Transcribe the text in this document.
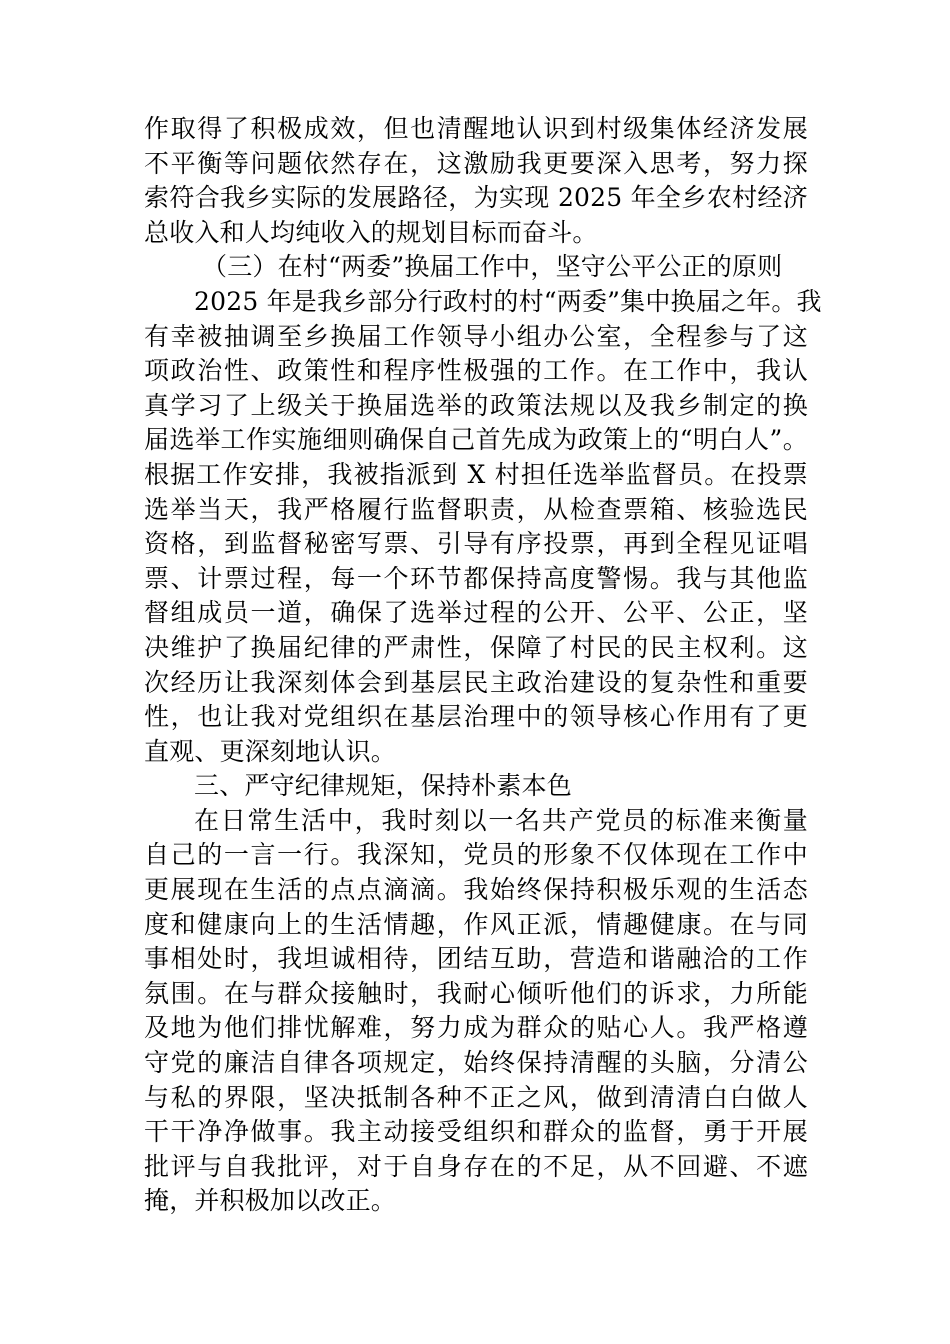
作取得了积极成效，但也清醒地认识到村级集体经济发展
不平衡等问题依然存在，这激励我更要深入思考，努力探
索符合我乡实际的发展路径，为实现 2025 年全乡农村经济
总收入和人均纯收入的规划目标而奋斗。
（三）在村“两委”换届工作中，坚守公平公正的原则
2025 年是我乡部分行政村的村“两委”集中换届之年。我
有幸被抽调至乡换届工作领导小组办公室，全程参与了这
项政治性、政策性和程序性极强的工作。在工作中，我认
真学习了上级关于换届选举的政策法规以及我乡制定的换
届选举工作实施细则确保自己首先成为政策上的“明白人”。
根据工作安排，我被指派到 X 村担任选举监督员。在投票
选举当天，我严格履行监督职责，从检查票箱、核验选民
资格，到监督秘密写票、引导有序投票，再到全程见证唱
票、计票过程，每一个环节都保持高度警惕。我与其他监
督组成员一道，确保了选举过程的公开、公平、公正，坚
决维护了换届纪律的严肃性，保障了村民的民主权利。这
次经历让我深刻体会到基层民主政治建设的复杂性和重要
性，也让我对党组织在基层治理中的领导核心作用有了更
直观、更深刻地认识。
三、严守纪律规矩，保持朴素本色
在日常生活中，我时刻以一名共产党员的标准来衡量
自己的一言一行。我深知，党员的形象不仅体现在工作中
更展现在生活的点点滴滴。我始终保持积极乐观的生活态
度和健康向上的生活情趣，作风正派，情趣健康。在与同
事相处时，我坦诚相待，团结互助，营造和谐融洽的工作
氛围。在与群众接触时，我耐心倾听他们的诉求，力所能
及地为他们排忧解难，努力成为群众的贴心人。我严格遵
守党的廉洁自律各项规定，始终保持清醒的头脑，分清公
与私的界限，坚决抵制各种不正之风，做到清清白白做人
干干净净做事。我主动接受组织和群众的监督，勇于开展
批评与自我批评，对于自身存在的不足，从不回避、不遮
掩，并积极加以改正。
